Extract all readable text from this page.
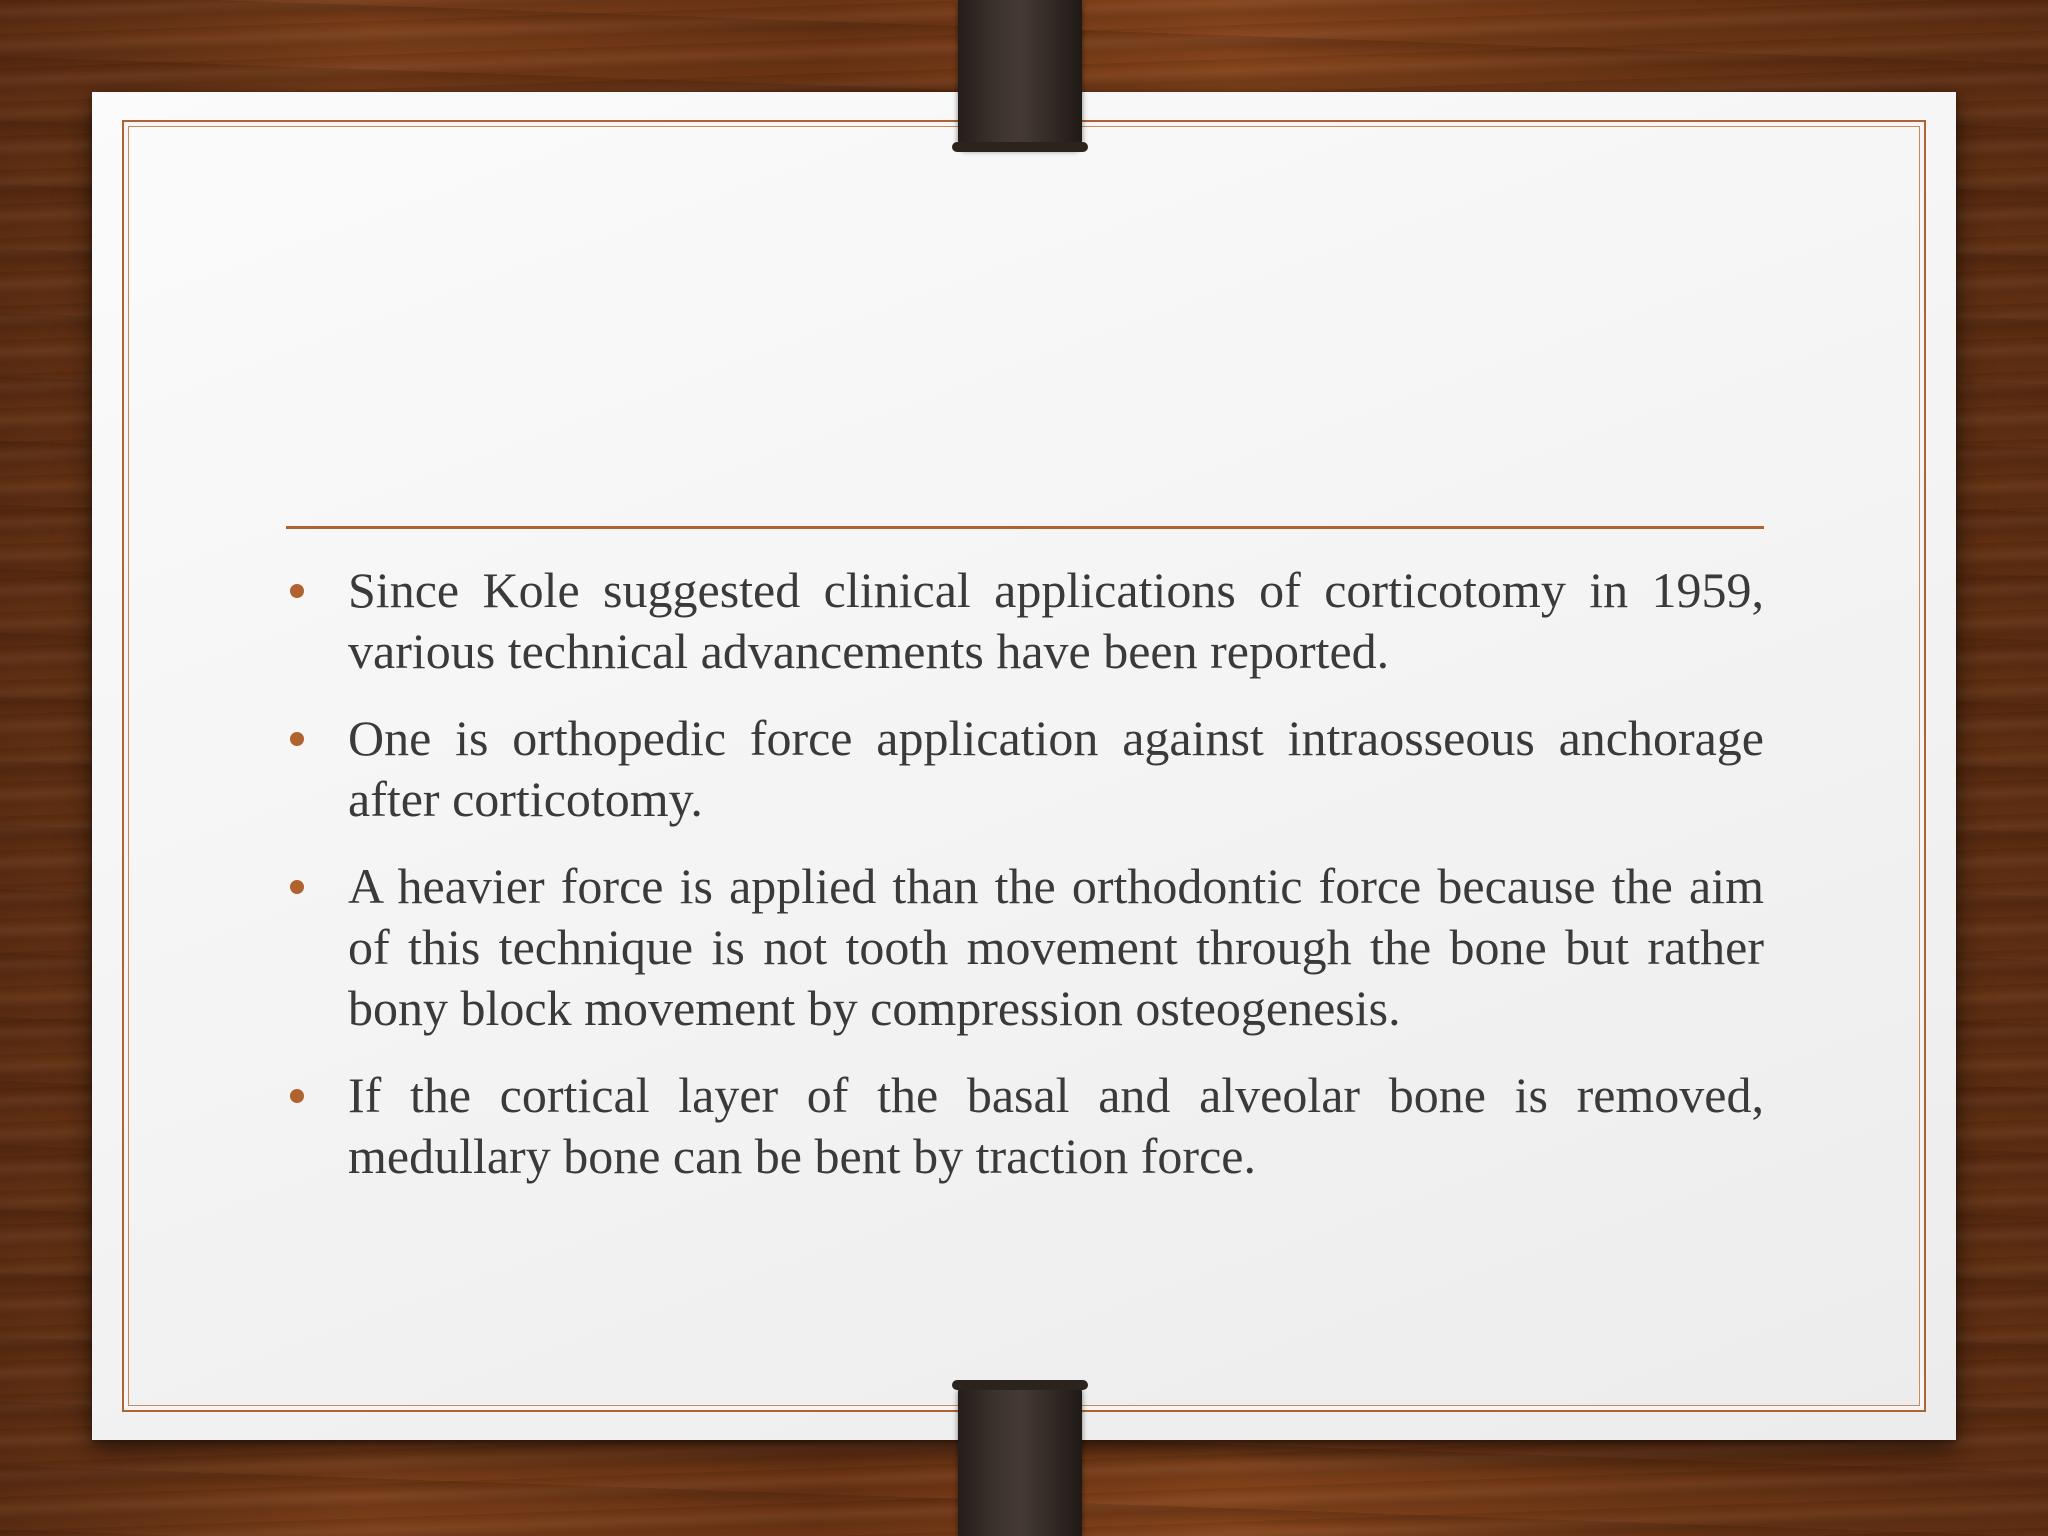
Since Kole suggested clinical applications of corticotomy in 1959, various technical advancements have been reported.
One is orthopedic force application against intraosseous anchorage after corticotomy.
A heavier force is applied than the orthodontic force because the aim of this technique is not tooth movement through the bone but rather bony block movement by compression osteogenesis.
If the cortical layer of the basal and alveolar bone is removed, medullary bone can be bent by traction force.
